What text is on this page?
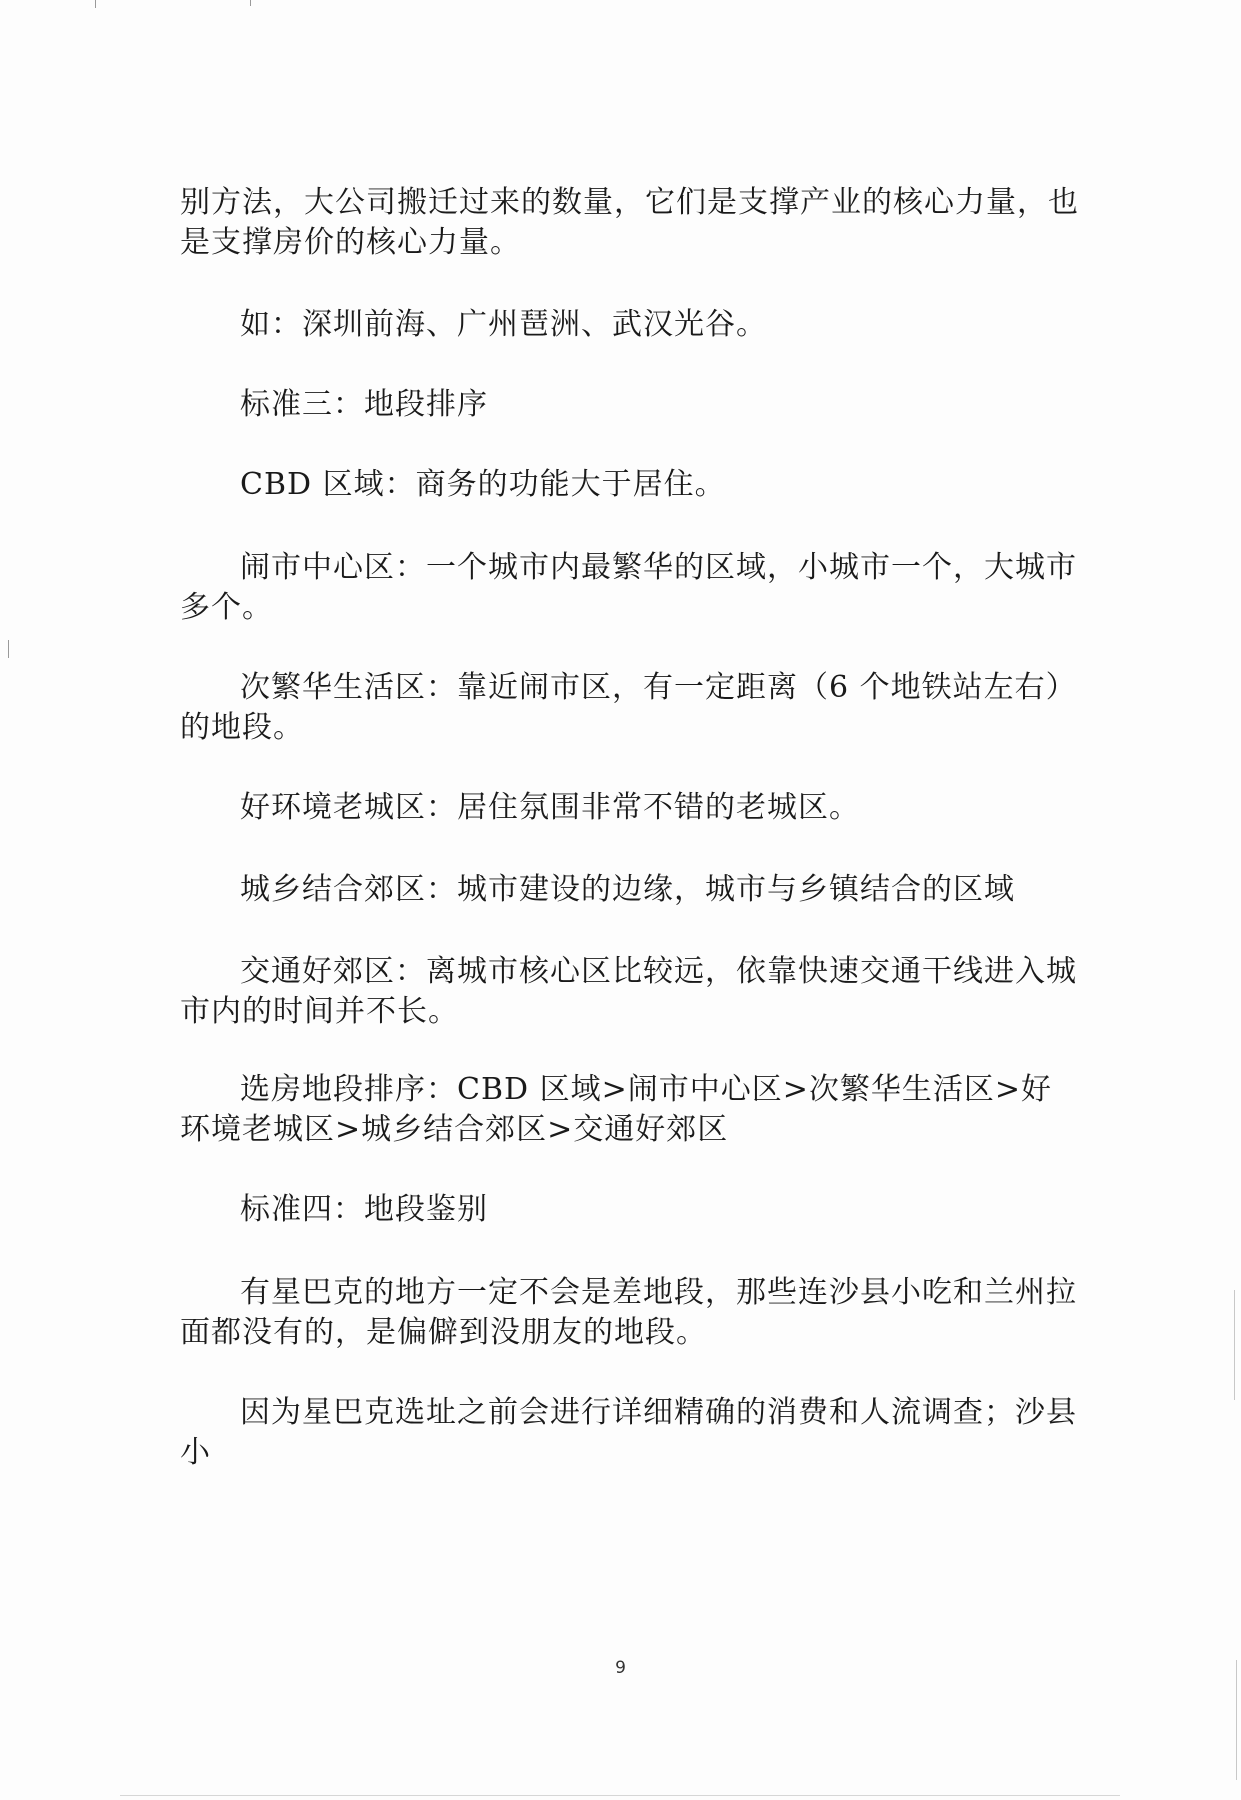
别方法，大公司搬迁过来的数量，它们是支撑产业的核心力量，也是支撑房价的核心力量。

如：深圳前海、广州琶洲、武汉光谷。

标准三：地段排序

CBD 区域：商务的功能大于居住。

闹市中心区：一个城市内最繁华的区域，小城市一个，大城市多个。

次繁华生活区：靠近闹市区，有一定距离（6 个地铁站左右）的地段。

好环境老城区：居住氛围非常不错的老城区。

城乡结合郊区：城市建设的边缘，城市与乡镇结合的区域

交通好郊区：离城市核心区比较远，依靠快速交通干线进入城市内的时间并不长。

选房地段排序：CBD 区域>闹市中心区>次繁华生活区>好环境老城区>城乡结合郊区>交通好郊区

标准四：地段鉴别

有星巴克的地方一定不会是差地段，那些连沙县小吃和兰州拉面都没有的，是偏僻到没朋友的地段。

因为星巴克选址之前会进行详细精确的消费和人流调查；沙县小

9
